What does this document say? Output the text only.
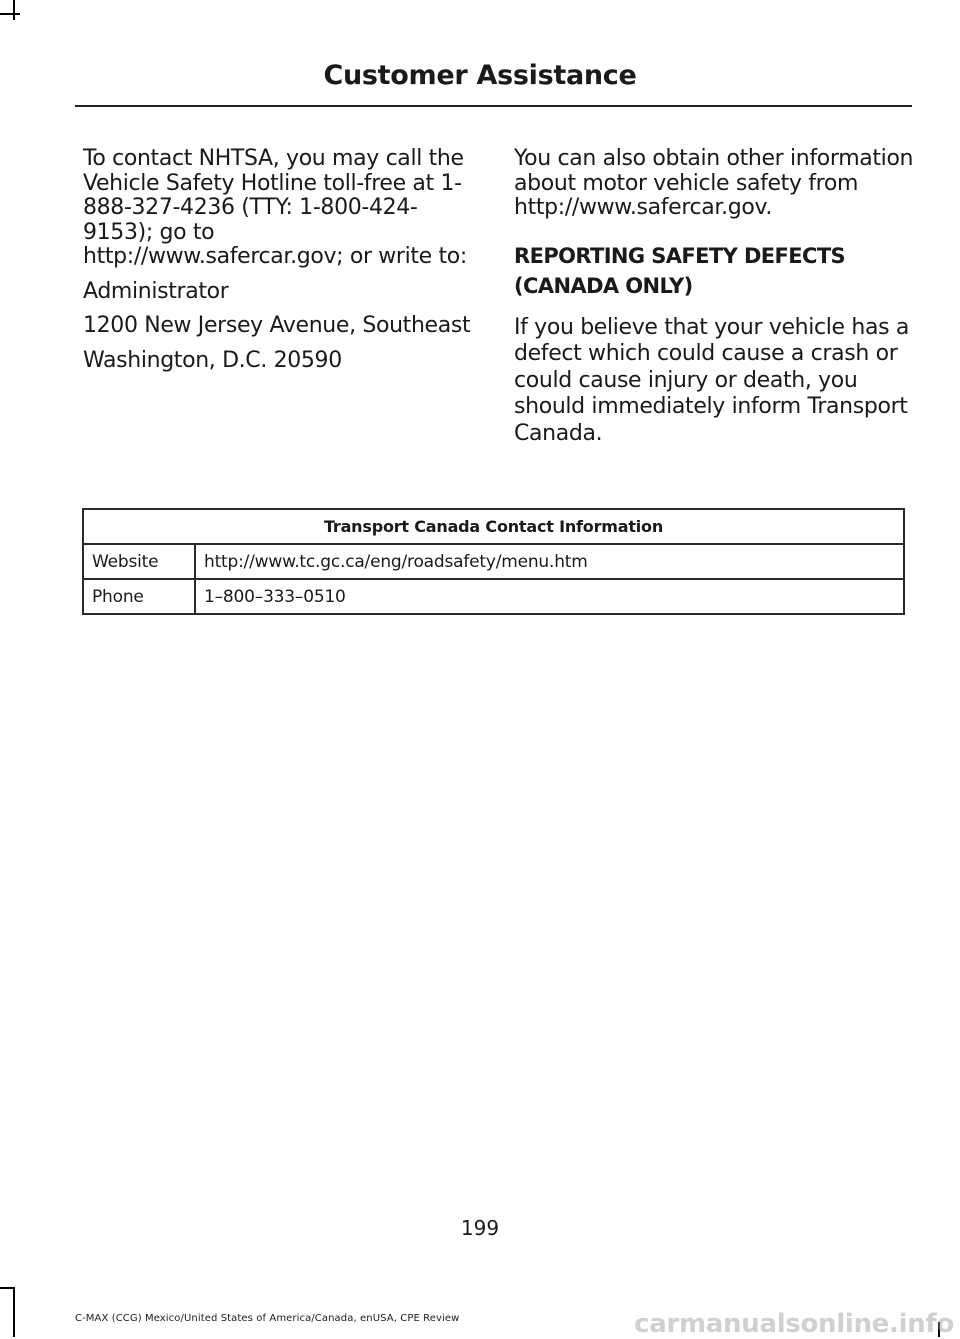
Customer Assistance

To contact NHTSA, you may call the Vehicle Safety Hotline toll-free at 1-888-327-4236 (TTY: 1-800-424-9153); go to http://www.safercar.gov; or write to:

Administrator

1200 New Jersey Avenue, Southeast

Washington, D.C. 20590

You can also obtain other information about motor vehicle safety from http://www.safercar.gov.

REPORTING SAFETY DEFECTS
(CANADA ONLY)

If you believe that your vehicle has a defect which could cause a crash or could cause injury or death, you should immediately inform Transport Canada.

Transport Canada Contact Information	
Website	http://www.tc.gc.ca/eng/roadsafety/menu.htm
Phone	1–800–333–0510
199
C-MAX (CCG) Mexico/United States of America/Canada, enUSA, CPE Review	carmanualsonline.info
